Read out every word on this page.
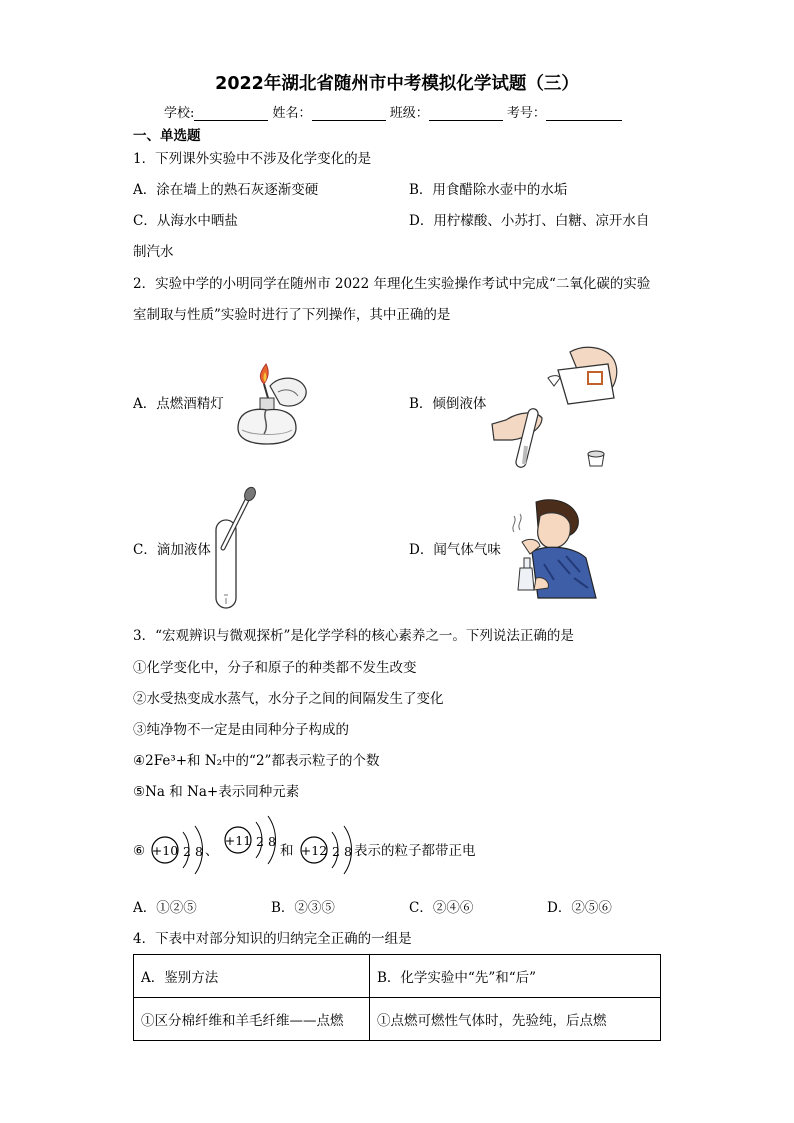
2022年湖北省随州市中考模拟化学试题（三）
学校:	姓名：	班级：	考号：
一、单选题
1．下列课外实验中不涉及化学变化的是
A．涂在墙上的熟石灰逐渐变硬	B．用食醋除水壶中的水垢
C．从海水中晒盐	D．用柠檬酸、小苏打、白糖、凉开水自
制汽水
2．实验中学的小明同学在随州市 2022 年理化生实验操作考试中完成“二氧化碳的实验
室制取与性质”实验时进行了下列操作，其中正确的是
A．点燃酒精灯	B．倾倒液体
C．滴加液体	D．闻气体气味
3．“宏观辨识与微观探析”是化学学科的核心素养之一。下列说法正确的是
①化学变化中，分子和原子的种类都不发生改变
②水受热变成水蒸气，水分子之间的间隔发生了变化
③纯净物不一定是由同种分子构成的
④2Fe³+和 N₂中的“2”都表示粒子的个数
⑤Na 和 Na+表示同种元素
⑥ +10 2 8 、
+11 2 8
和 +12 2 8 表示的粒子都带正电
A．①②⑤	B．②③⑤	C．②④⑥	D．②⑤⑥
4．下表中对部分知识的归纳完全正确的一组是
A．鉴别方法	B．化学实验中“先”和“后”
①区分棉纤维和羊毛纤维——点燃	①点燃可燃性气体时，先验纯，后点燃
